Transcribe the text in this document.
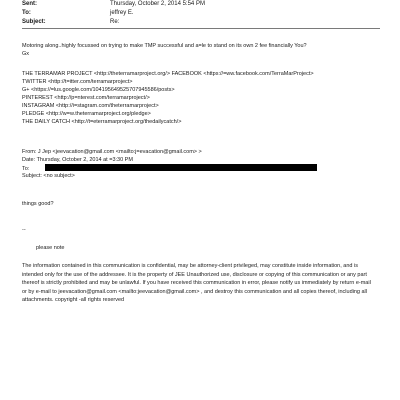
Sent:	Thursday, October 2, 2014 5:54 PM
To:	jeffrey E.
Subject:	Re:
Motoring along..highly focussed on trying to make TMP successful and a=le to stand on its own 2 fee financially You?
Gx
THE TERRAMAR PROJECT <http://theterramarproject.org/> FACEBOOK <https://=ww.facebook.com/TerraMarProject>
TWITTER <http://t=itter.com/terramarproject>
G+ <https://=lus.google.com/104195649525707945586/posts>
PINTEREST <http://p=nterest.com/terramarproject/>
INSTAGRAM <http://i=stagram.com/theterramarproject>
PLEDGE <http://w=w.theterramarproject.org/pledge>
THE DAILY CATCH <http://t=eterramarproject.org/thedailycatch/>
From: J Jep <jeevacation@gmail.com <mailto:j=evacation@gmail.com> >
Date: Thursday, October 2, 2014 at =3:30 PM
To:
Subject: <no subject>
things good?
--
please note
The information contained in this communication is confidential, may be attorney-client privileged, may constitute inside information, and is intended only for the use of the addressee. It is the property of JEE Unauthorized use, disclosure or copying of this communication or any part thereof is strictly prohibited and may be unlawful. If you have received this communication in error, please notify us immediately by return e-mail or by e-mail to jeevacation@gmail.com <mailto:jeevacation@gmail.com> , and destroy this communication and all copies thereof, including all attachments. copyright -all rights reserved
